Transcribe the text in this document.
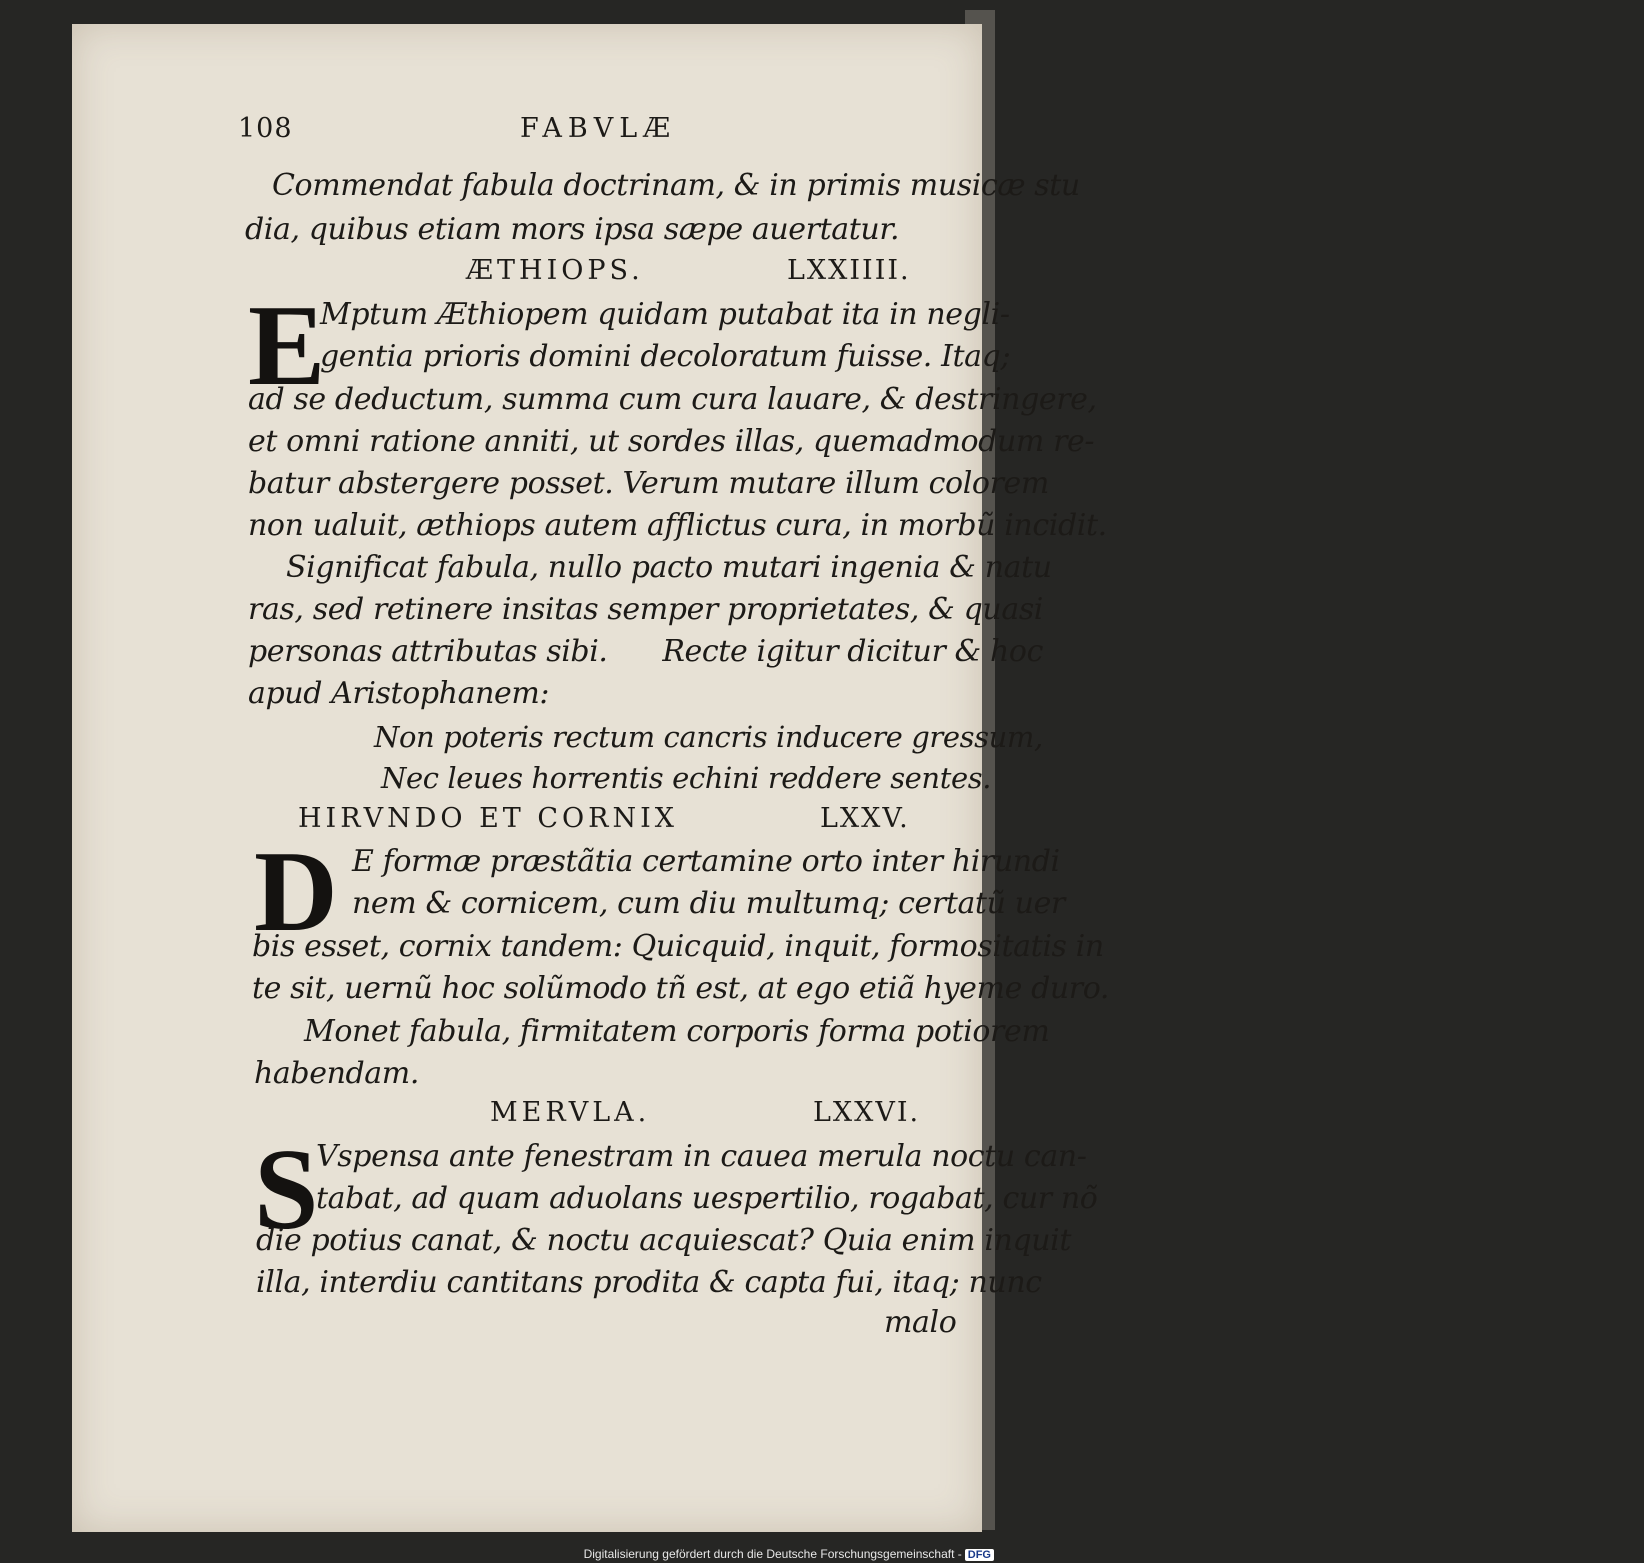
108	FABVLÆ
Commendat fabula doctrinam, & in primis musicæ stu
dia, quibus etiam mors ipsa sæpe auertatur.
ÆTHIOPS.	LXXIIII.
E
Mptum Æthiopem quidam putabat ita in negli-
gentia prioris domini decoloratum fuisse. Itaq;
ad se deductum, summa cum cura lauare, & destringere,
et omni ratione anniti, ut sordes illas, quemadmodum re-
batur abstergere posset. Verum mutare illum colorem
non ualuit, æthiops autem afflictus cura, in morbũ incidit.
Significat fabula, nullo pacto mutari ingenia & natu
ras, sed retinere insitas semper proprietates, & quasi
personas attributas sibi.      Recte igitur dicitur & hoc
apud Aristophanem:
Non poteris rectum cancris inducere gressum,
Nec leues horrentis echini reddere sentes.
HIRVNDO ET CORNIX	LXXV.
D E formæ præstãtia certamine orto inter hirundi
nem & cornicem, cum diu multumq; certatũ uer
bis esset, cornix tandem: Quicquid, inquit, formositatis in
te sit, uernũ hoc solũmodo tñ est, at ego etiã hyeme duro.
Monet fabula, firmitatem corporis forma potiorem
habendam.
MERVLA.	LXXVI.
S
Vspensa ante fenestram in cauea merula noctu can-
tabat, ad quam aduolans uespertilio, rogabat, cur nõ
die potius canat, & noctu acquiescat? Quia enim inquit
illa, interdiu cantitans prodita & capta fui, itaq; nunc
malo
Digitalisierung gefördert durch die Deutsche Forschungsgemeinschaft - DFG
